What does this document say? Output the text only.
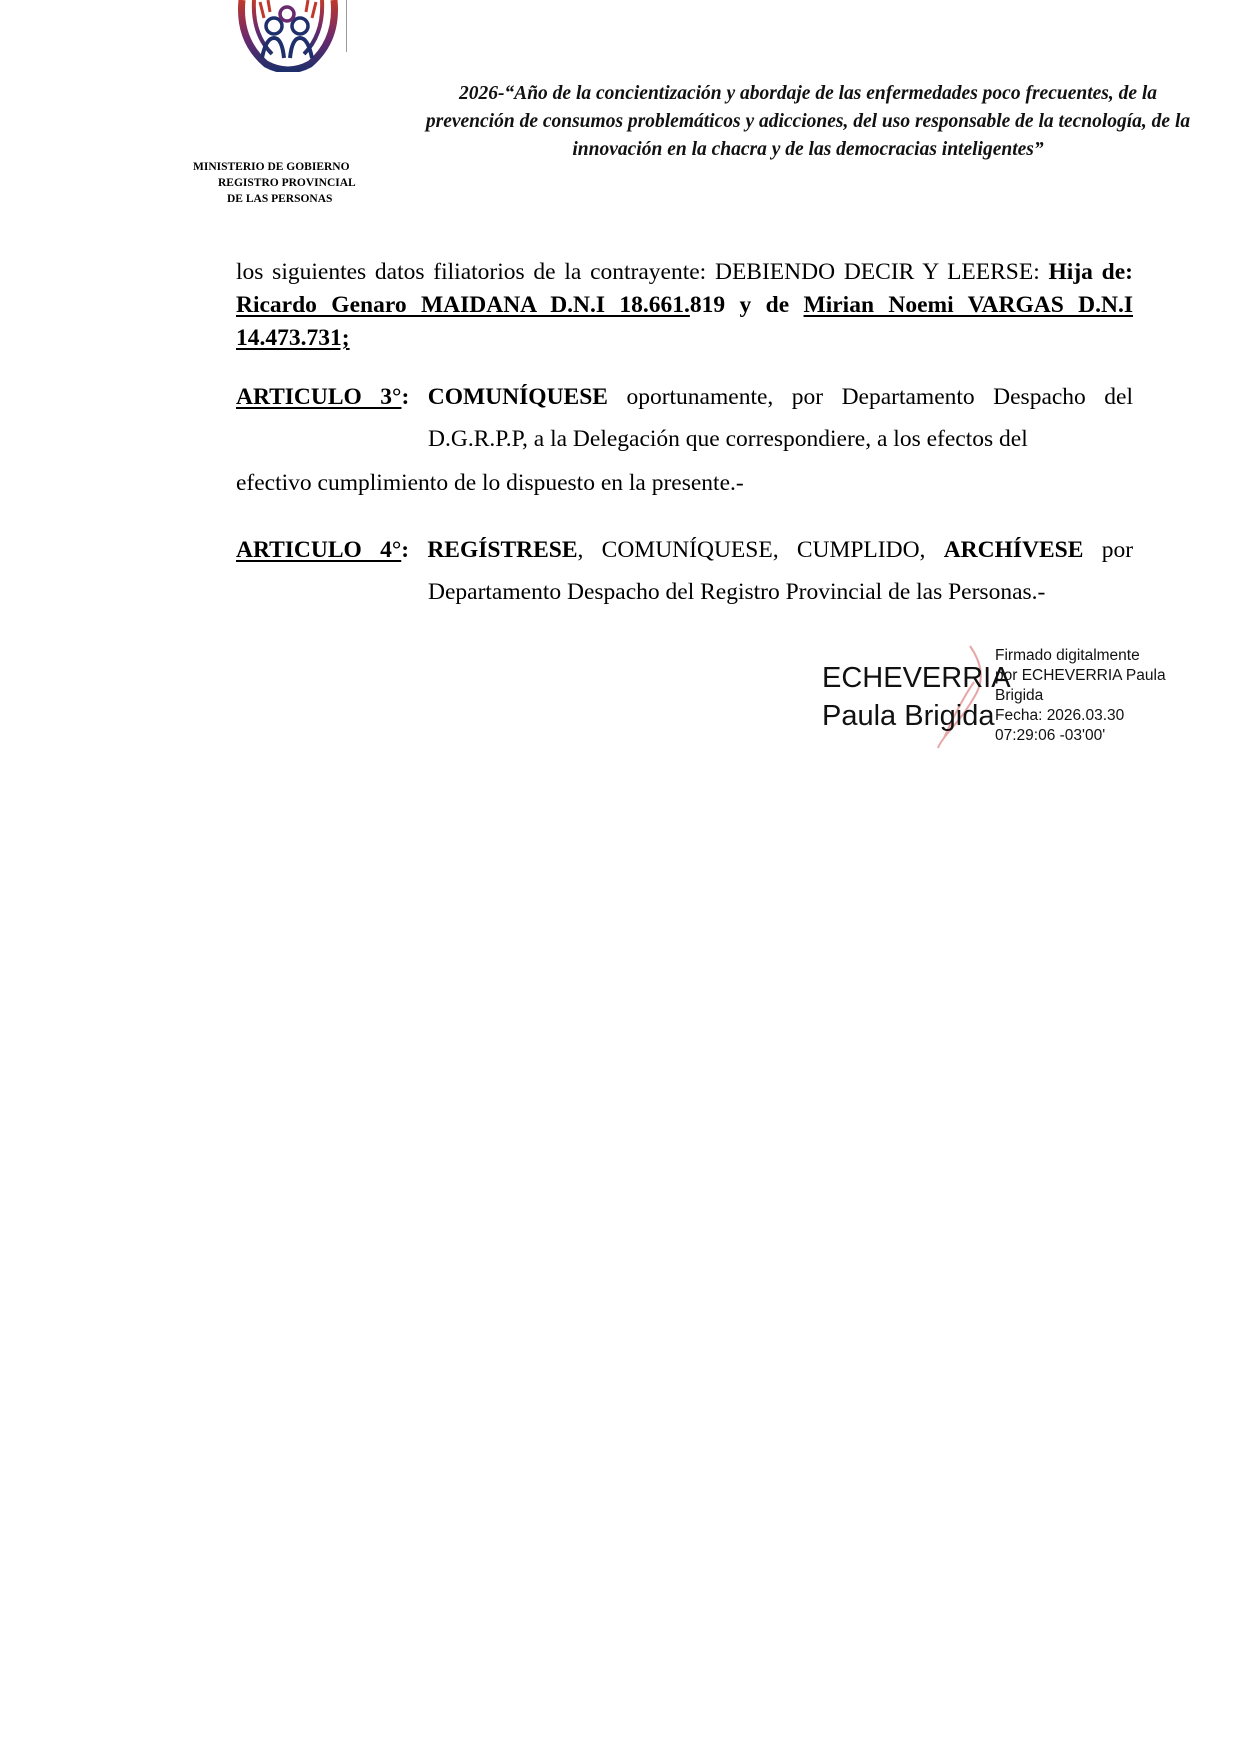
MINISTERIO DE GOBIERNO
REGISTRO PROVINCIAL
DE LAS PERSONAS
2026-“Año de la concientización y abordaje de las enfermedades poco frecuentes, de la prevención de consumos problemáticos y adicciones, del uso responsable de la tecnología, de la innovación en la chacra y de las democracias inteligentes”
los siguientes datos filiatorios de la contrayente: DEBIENDO DECIR Y LEERSE: Hija de: Ricardo Genaro MAIDANA D.N.I 18.661.819 y de Mirian Noemi VARGAS D.N.I 14.473.731;
ARTICULO 3°: COMUNÍQUESE oportunamente, por Departamento Despacho del
D.G.R.P.P, a la Delegación que correspondiere, a los efectos del
efectivo cumplimiento de lo dispuesto en la presente.-
ARTICULO 4°: REGÍSTRESE, COMUNÍQUESE, CUMPLIDO, ARCHÍVESE por
Departamento Despacho del Registro Provincial de las Personas.-
ECHEVERRIA
Paula Brigida
Firmado digitalmente
por ECHEVERRIA Paula
Brigida
Fecha: 2026.03.30
07:29:06 -03'00'
